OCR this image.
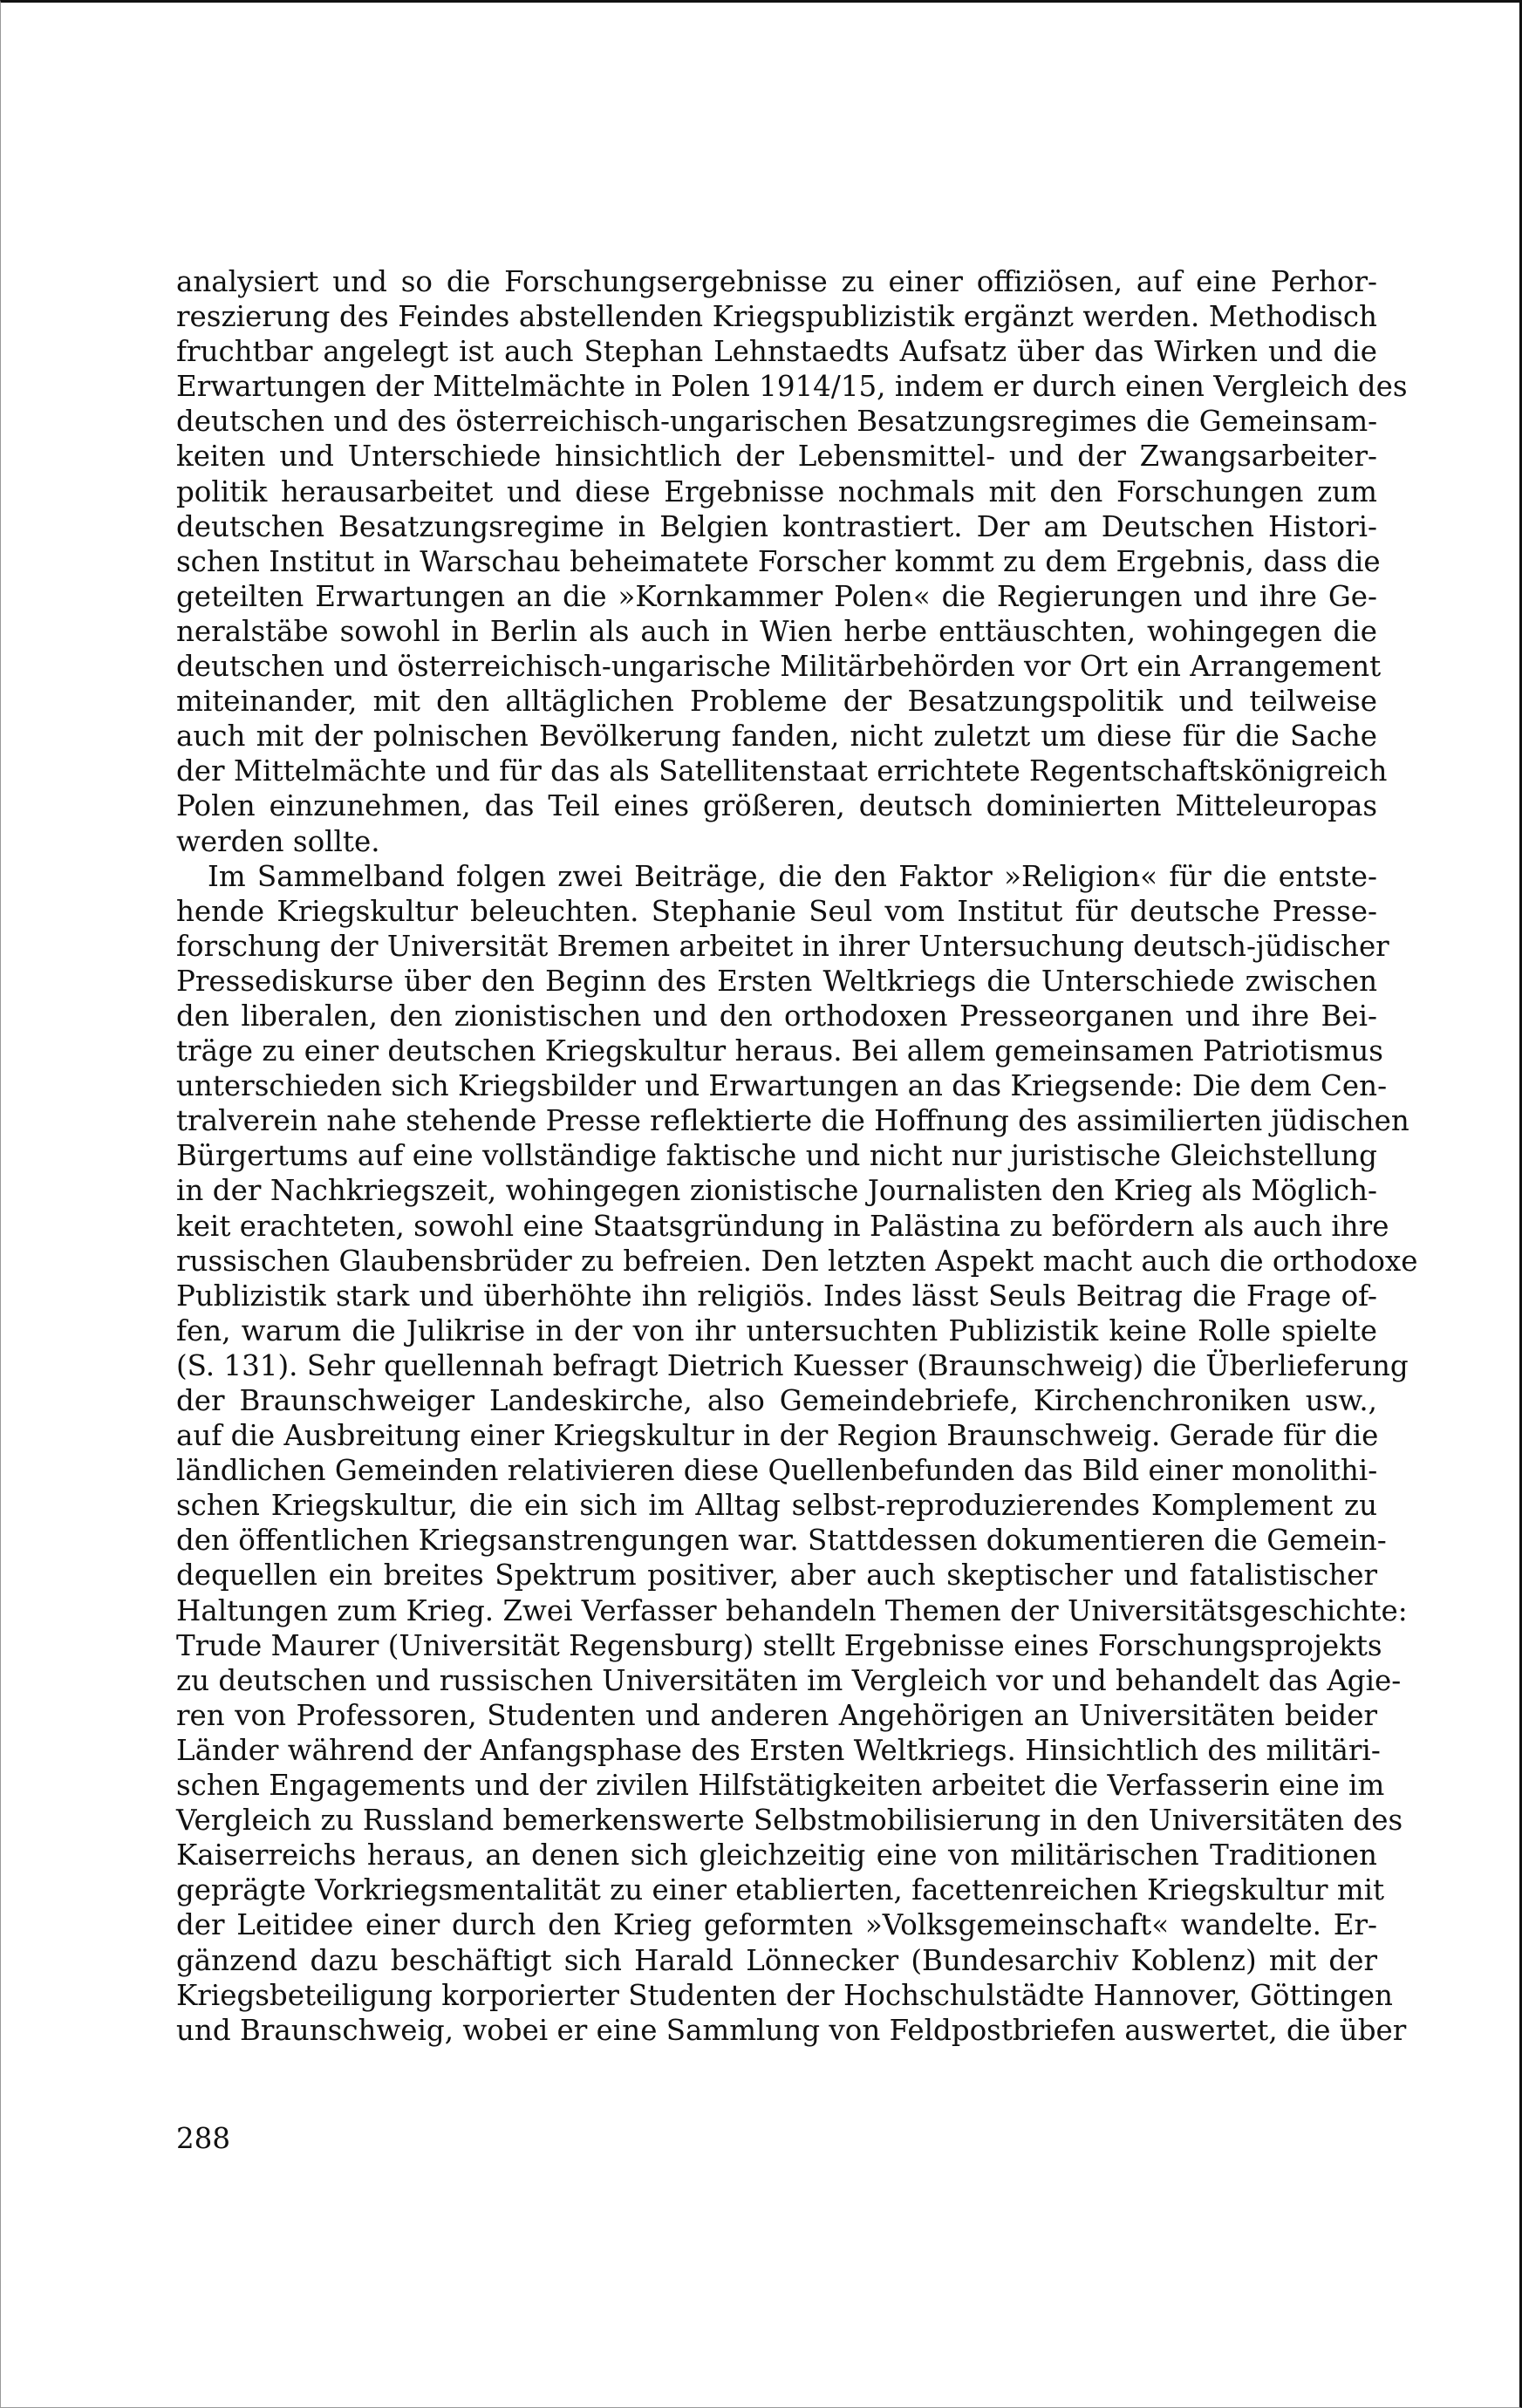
analysiert und so die Forschungsergebnisse zu einer offiziösen, auf eine Perhor-
reszierung des Feindes abstellenden Kriegspublizistik ergänzt werden. Methodisch
fruchtbar angelegt ist auch Stephan Lehnstaedts Aufsatz über das Wirken und die
Erwartungen der Mittelmächte in Polen 1914/15, indem er durch einen Vergleich des
deutschen und des österreichisch-ungarischen Besatzungsregimes die Gemeinsam-
keiten und Unterschiede hinsichtlich der Lebensmittel- und der Zwangsarbeiter-
politik herausarbeitet und diese Ergebnisse nochmals mit den Forschungen zum
deutschen Besatzungsregime in Belgien kontrastiert. Der am Deutschen Histori-
schen Institut in Warschau beheimatete Forscher kommt zu dem Ergebnis, dass die
geteilten Erwartungen an die »Kornkammer Polen« die Regierungen und ihre Ge-
neralstäbe sowohl in Berlin als auch in Wien herbe enttäuschten, wohingegen die
deutschen und österreichisch-ungarische Militärbehörden vor Ort ein Arrangement
miteinander, mit den alltäglichen Probleme der Besatzungspolitik und teilweise
auch mit der polnischen Bevölkerung fanden, nicht zuletzt um diese für die Sache
der Mittelmächte und für das als Satellitenstaat errichtete Regentschaftskönigreich
Polen einzunehmen, das Teil eines größeren, deutsch dominierten Mitteleuropas
werden sollte.
Im Sammelband folgen zwei Beiträge, die den Faktor »Religion« für die entste-
hende Kriegskultur beleuchten. Stephanie Seul vom Institut für deutsche Presse-
forschung der Universität Bremen arbeitet in ihrer Untersuchung deutsch-jüdischer
Pressediskurse über den Beginn des Ersten Weltkriegs die Unterschiede zwischen
den liberalen, den zionistischen und den orthodoxen Presseorganen und ihre Bei-
träge zu einer deutschen Kriegskultur heraus. Bei allem gemeinsamen Patriotismus
unterschieden sich Kriegsbilder und Erwartungen an das Kriegsende: Die dem Cen-
tralverein nahe stehende Presse reflektierte die Hoffnung des assimilierten jüdischen
Bürgertums auf eine vollständige faktische und nicht nur juristische Gleichstellung
in der Nachkriegszeit, wohingegen zionistische Journalisten den Krieg als Möglich-
keit erachteten, sowohl eine Staatsgründung in Palästina zu befördern als auch ihre
russischen Glaubensbrüder zu befreien. Den letzten Aspekt macht auch die orthodoxe
Publizistik stark und überhöhte ihn religiös. Indes lässt Seuls Beitrag die Frage of-
fen, warum die Julikrise in der von ihr untersuchten Publizistik keine Rolle spielte
(S. 131). Sehr quellennah befragt Dietrich Kuesser (Braunschweig) die Überlieferung
der Braunschweiger Landeskirche, also Gemeindebriefe, Kirchenchroniken usw.,
auf die Ausbreitung einer Kriegskultur in der Region Braunschweig. Gerade für die
ländlichen Gemeinden relativieren diese Quellenbefunden das Bild einer monolithi-
schen Kriegskultur, die ein sich im Alltag selbst-reproduzierendes Komplement zu
den öffentlichen Kriegsanstrengungen war. Stattdessen dokumentieren die Gemein-
dequellen ein breites Spektrum positiver, aber auch skeptischer und fatalistischer
Haltungen zum Krieg. Zwei Verfasser behandeln Themen der Universitätsgeschichte:
Trude Maurer (Universität Regensburg) stellt Ergebnisse eines Forschungsprojekts
zu deutschen und russischen Universitäten im Vergleich vor und behandelt das Agie-
ren von Professoren, Studenten und anderen Angehörigen an Universitäten beider
Länder während der Anfangsphase des Ersten Weltkriegs. Hinsichtlich des militäri-
schen Engagements und der zivilen Hilfstätigkeiten arbeitet die Verfasserin eine im
Vergleich zu Russland bemerkenswerte Selbstmobilisierung in den Universitäten des
Kaiserreichs heraus, an denen sich gleichzeitig eine von militärischen Traditionen
geprägte Vorkriegsmentalität zu einer etablierten, facettenreichen Kriegskultur mit
der Leitidee einer durch den Krieg geformten »Volksgemeinschaft« wandelte. Er-
gänzend dazu beschäftigt sich Harald Lönnecker (Bundesarchiv Koblenz) mit der
Kriegsbeteiligung korporierter Studenten der Hochschulstädte Hannover, Göttingen
und Braunschweig, wobei er eine Sammlung von Feldpostbriefen auswertet, die über
288
